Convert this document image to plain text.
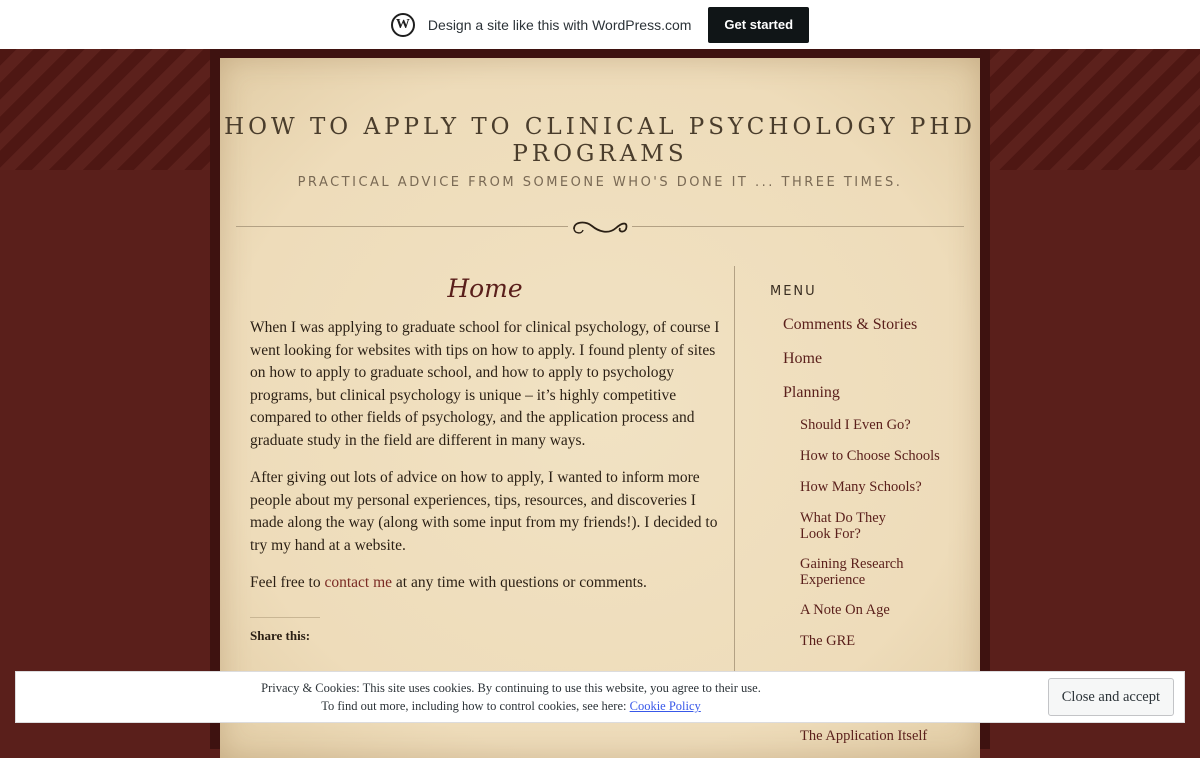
W	Design a site like this with WordPress.com	Get started
HOW TO APPLY TO CLINICAL PSYCHOLOGY PHD PROGRAMS
PRACTICAL ADVICE FROM SOMEONE WHO'S DONE IT ... THREE TIMES.
Home

When I was applying to graduate school for clinical psychology, of course I went looking for websites with tips on how to apply. I found plenty of sites on how to apply to graduate school, and how to apply to psychology programs, but clinical psychology is unique – it’s highly competitive compared to other fields of psychology, and the application process and graduate study in the field are different in many ways.

After giving out lots of advice on how to apply, I wanted to inform more people about my personal experiences, tips, resources, and discoveries I made along the way (along with some input from my friends!). I decided to try my hand at a website.

Feel free to contact me at any time with questions or comments.

Share this:
MENU
Comments & Stories
Home
Planning
Should I Even Go?
How to Choose Schools
How Many Schools?
What Do They Look For?
Gaining Research Experience
A Note On Age
The GRE
The Application Itself
Privacy & Cookies: This site uses cookies. By continuing to use this website, you agree to their use.
To find out more, including how to control cookies, see here: Cookie Policy
Close and accept
